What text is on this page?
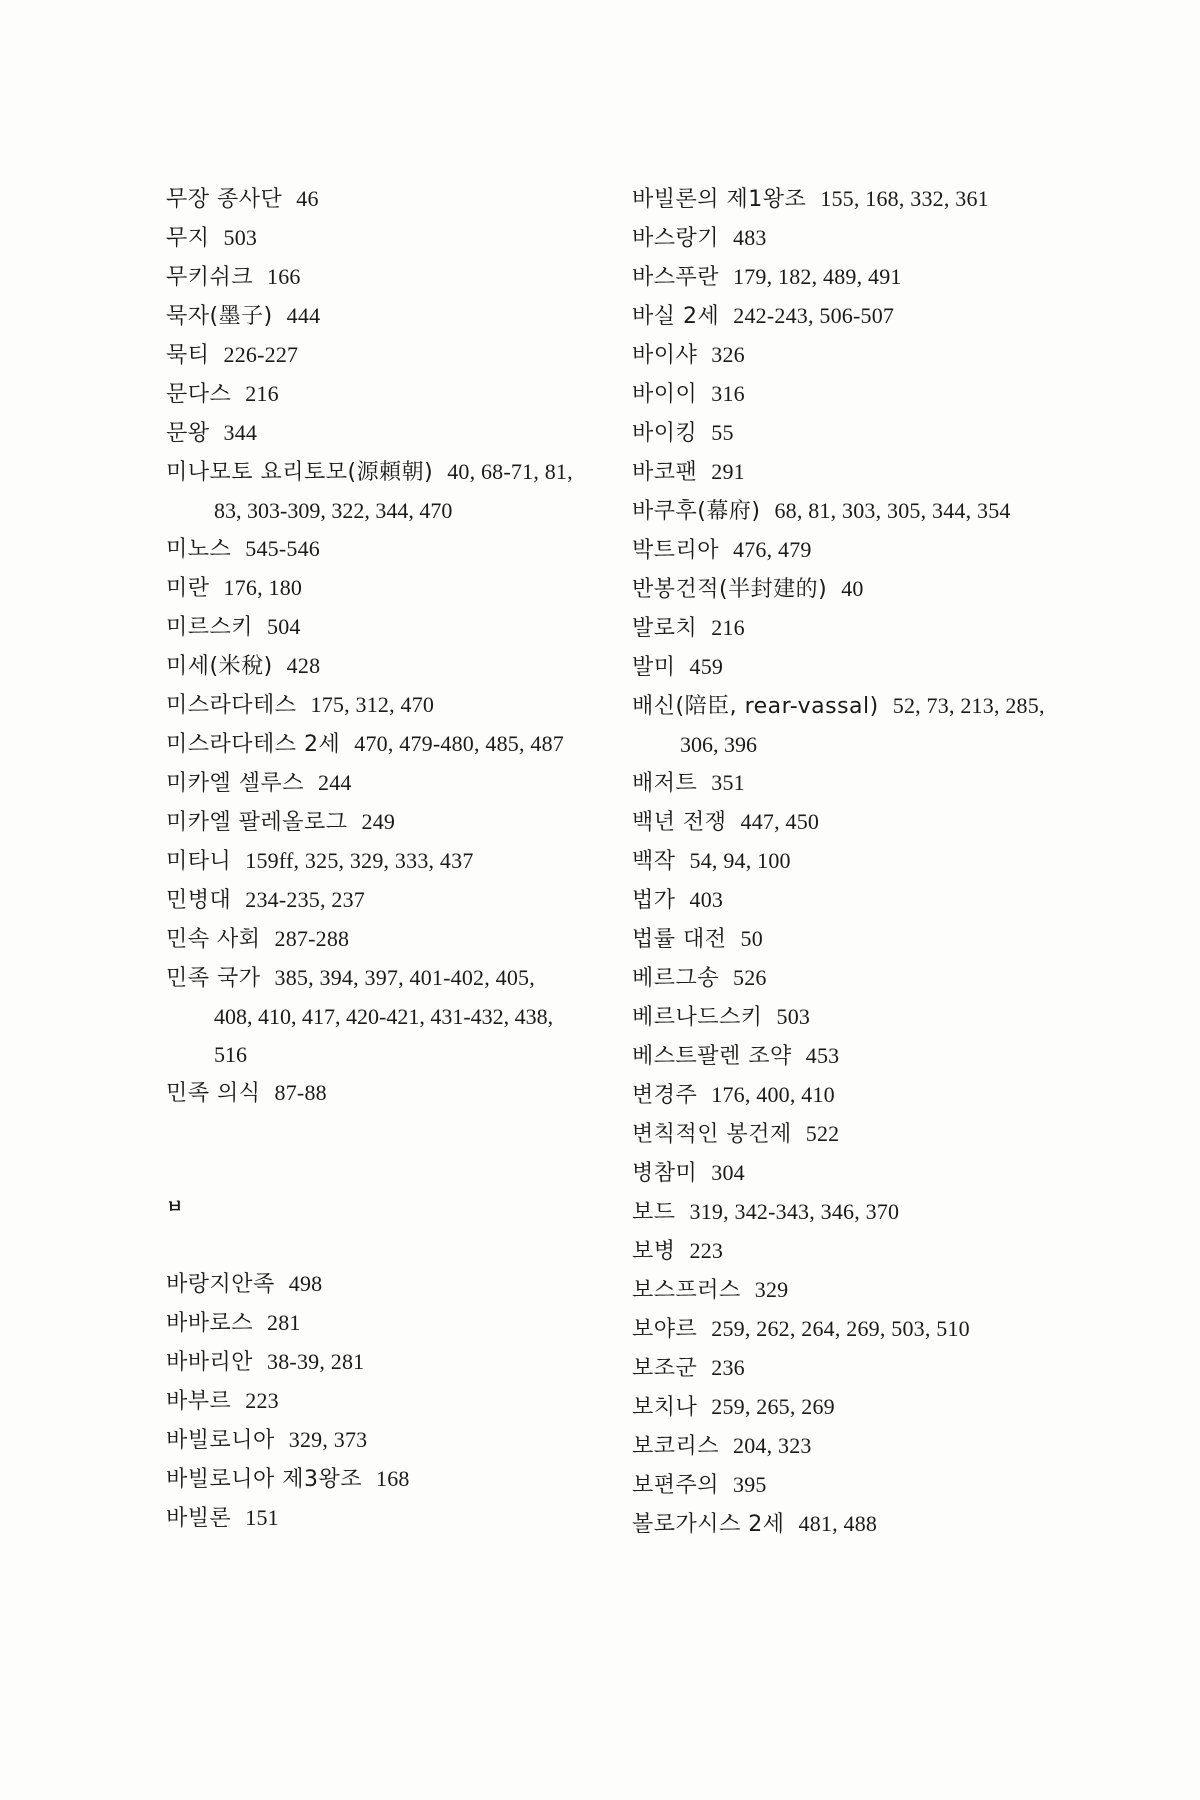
무장 종사단 46
무지 503
무키쉬크 166
묵자(墨子) 444
묵티 226-227
문다스 216
문왕 344
미나모토 요리토모(源頼朝) 40, 68-71, 81,
83, 303-309, 322, 344, 470
미노스 545-546
미란 176, 180
미르스키 504
미세(米稅) 428
미스라다테스 175, 312, 470
미스라다테스 2세 470, 479-480, 485, 487
미카엘 셀루스 244
미카엘 팔레올로그 249
미타니 159ff, 325, 329, 333, 437
민병대 234-235, 237
민속 사회 287-288
민족 국가 385, 394, 397, 401-402, 405,
408, 410, 417, 420-421, 431-432, 438,
516
민족 의식 87-88
ㅂ
바랑지안족 498
바바로스 281
바바리안 38-39, 281
바부르 223
바빌로니아 329, 373
바빌로니아 제3왕조 168
바빌론 151
바빌론의 제1왕조 155, 168, 332, 361
바스랑기 483
바스푸란 179, 182, 489, 491
바실 2세 242-243, 506-507
바이샤 326
바이이 316
바이킹 55
바코팬 291
바쿠후(幕府) 68, 81, 303, 305, 344, 354
박트리아 476, 479
반봉건적(半封建的) 40
발로치 216
발미 459
배신(陪臣, rear-vassal) 52, 73, 213, 285,
306, 396
배저트 351
백년 전쟁 447, 450
백작 54, 94, 100
법가 403
법률 대전 50
베르그송 526
베르나드스키 503
베스트팔렌 조약 453
변경주 176, 400, 410
변칙적인 봉건제 522
병참미 304
보드 319, 342-343, 346, 370
보병 223
보스프러스 329
보야르 259, 262, 264, 269, 503, 510
보조군 236
보치나 259, 265, 269
보코리스 204, 323
보편주의 395
볼로가시스 2세 481, 488
